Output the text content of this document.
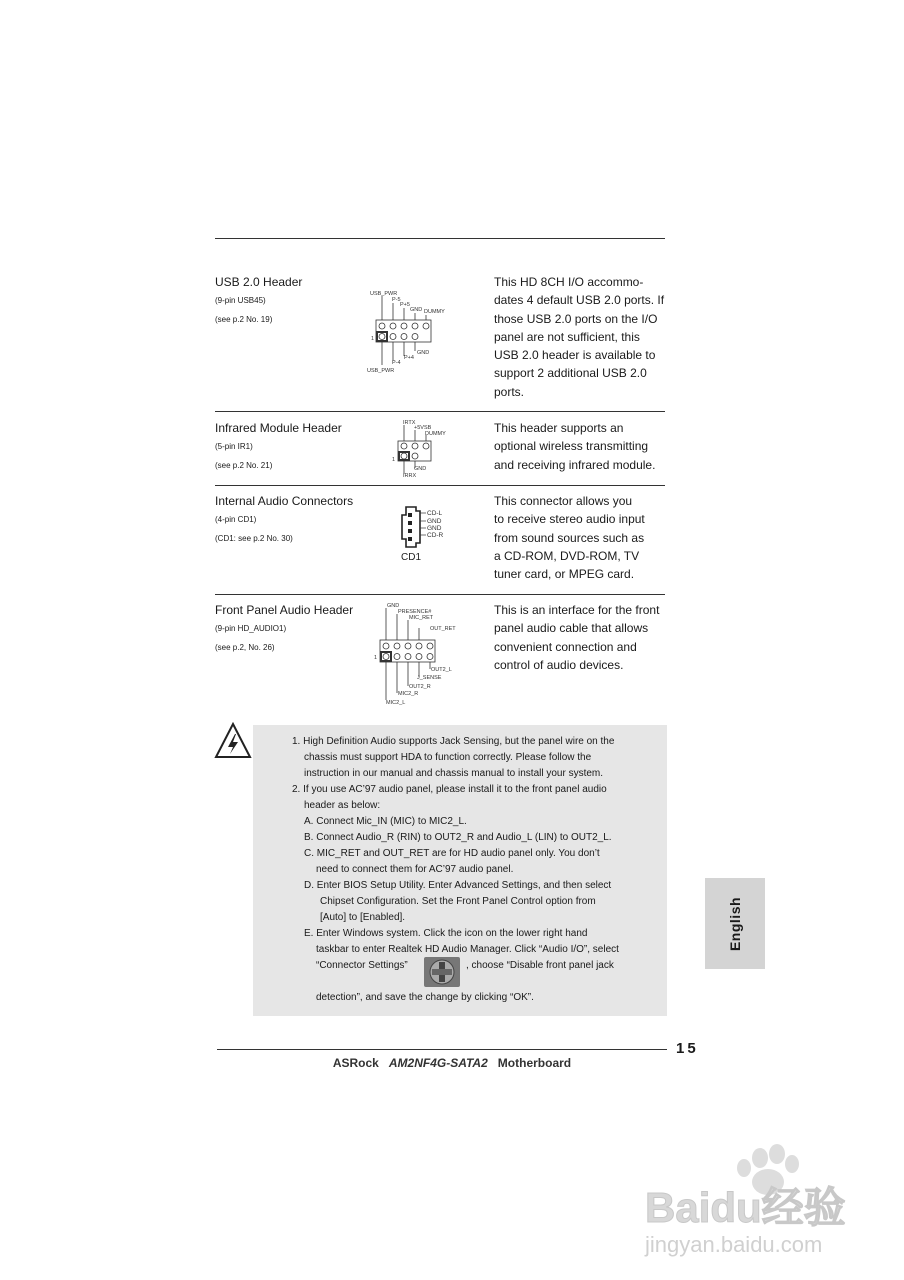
USB 2.0 Header
(9-pin USB45)
(see p.2 No. 19)
This HD 8CH I/O accommo-
dates 4 default USB 2.0 ports. If
those USB 2.0 ports on the I/O
panel are not sufficient, this
USB 2.0 header is available to
support 2 additional USB 2.0
ports.
USB_PWR
P-5
P+5
GND DUMMY
GND
P+4
P-4
USB_PWR
1
Infrared Module Header
(5-pin IR1)
(see p.2 No. 21)
This header supports an
optional wireless transmitting
and receiving infrared module.
IRTX
+5VSB
DUMMY
GND
IRRX
1
Internal Audio Connectors
(4-pin CD1)
(CD1: see p.2 No. 30)
This connector allows you
to receive stereo audio input
from sound sources such as
a CD-ROM, DVD-ROM, TV
tuner card, or MPEG card.
CD-L
GND
GND
CD-R
CD1
Front Panel Audio Header
(9-pin HD_AUDIO1)
(see p.2, No. 26)
This is an interface for the front
panel audio cable that allows
convenient connection and
control of audio devices.
GND
PRESENCE#
MIC_RET
OUT_RET
OUT2_L
J_SENSE
OUT2_R
MIC2_R
MIC2_L
1
1. High Definition Audio supports Jack Sensing, but the panel wire on the
chassis must support HDA to function correctly. Please follow the
instruction in our manual and chassis manual to install your system.
2. If you use AC’97 audio panel, please install it to the front panel audio
header as below:
A. Connect Mic_IN (MIC) to MIC2_L.
B. Connect Audio_R (RIN) to OUT2_R and Audio_L (LIN) to OUT2_L.
C. MIC_RET and OUT_RET are for HD audio panel only. You don’t
need to connect them for AC’97 audio panel.
D. Enter BIOS Setup Utility. Enter Advanced Settings, and then select
Chipset Configuration. Set the Front Panel Control option from
[Auto] to [Enabled].
E. Enter Windows system. Click the icon on the lower right hand
taskbar to enter Realtek HD Audio Manager. Click “Audio I/O”, select
“Connector Settings”	, choose “Disable front panel jack
detection”, and save the change by clicking “OK”.
English
15
ASRock AM2NF4G-SATA2 Motherboard
Baidu经验
jingyan.baidu.com
